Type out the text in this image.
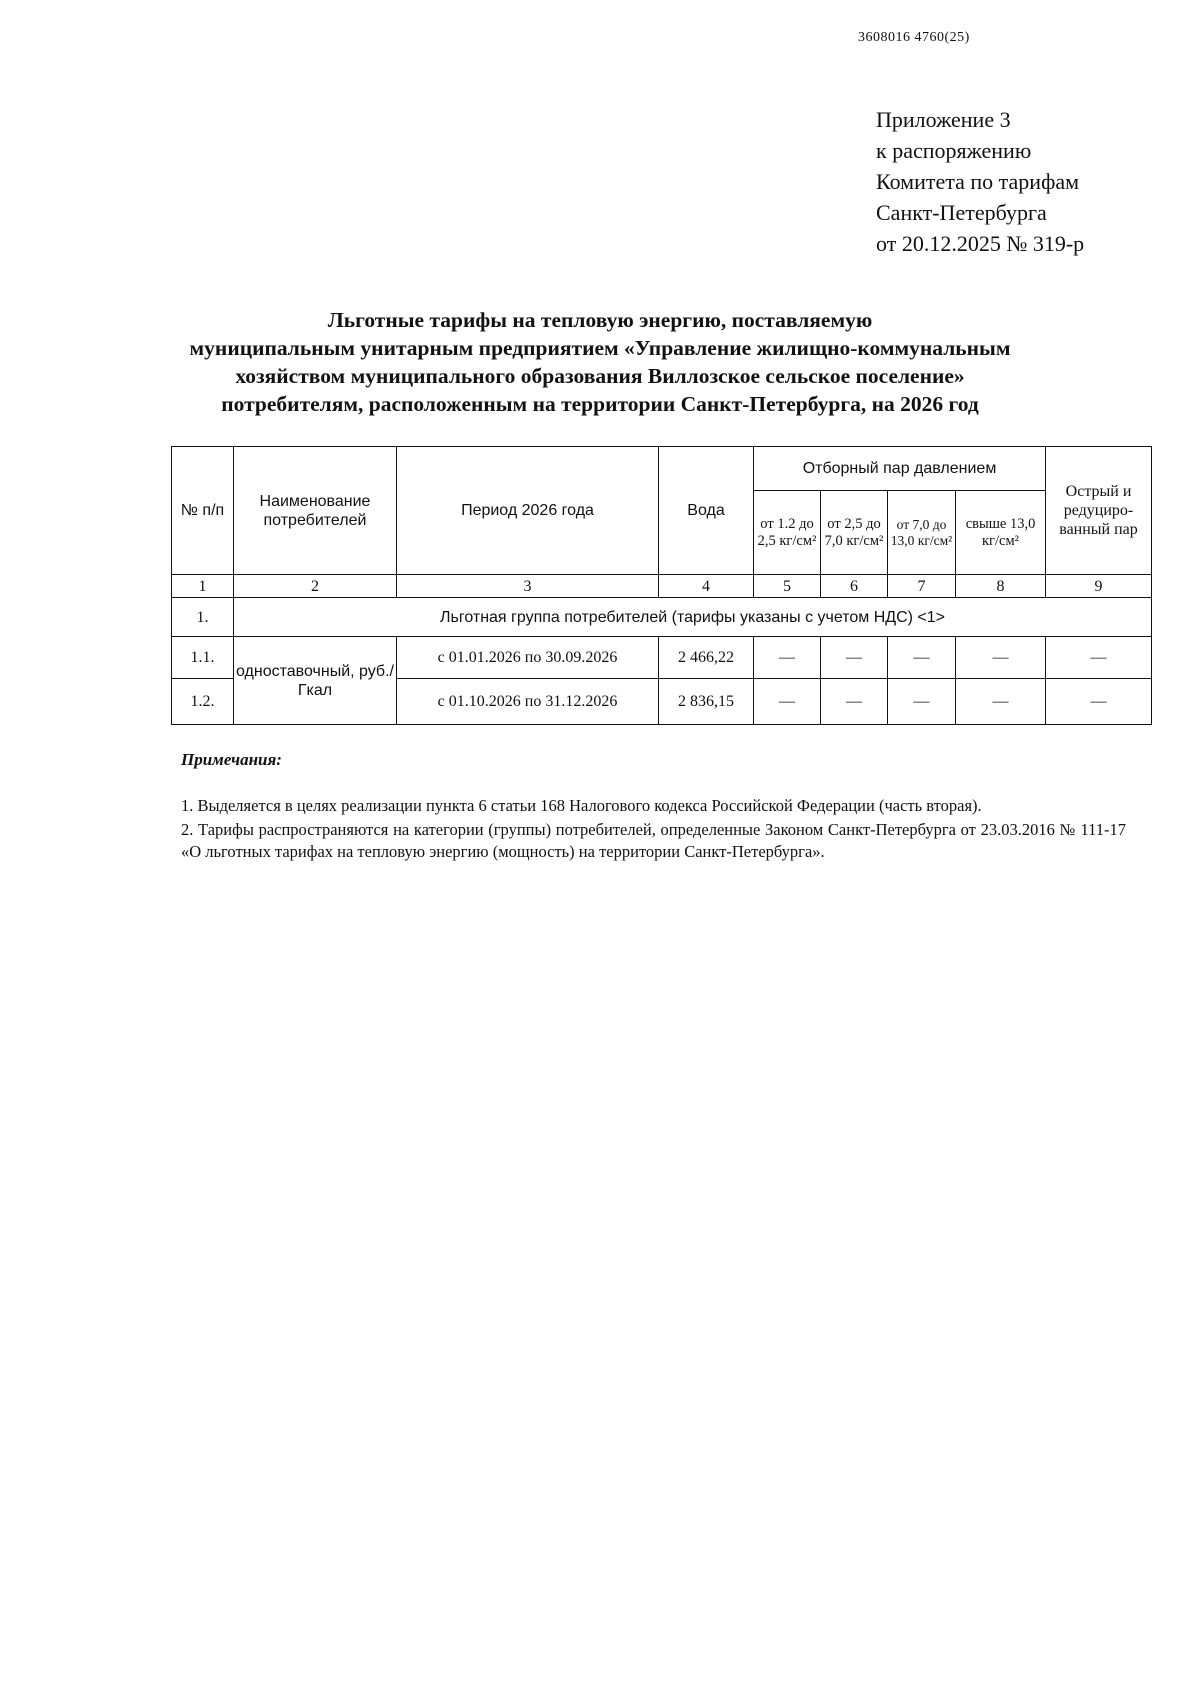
3608016 4760(25)
Приложение 3
к распоряжению
Комитета по тарифам
Санкт-Петербурга
от 20.12.2025 № 319-р
Льготные тарифы на тепловую энергию, поставляемую
муниципальным унитарным предприятием «Управление жилищно-коммунальным
хозяйством муниципального образования Виллозское сельское поселение»
потребителям, расположенным на территории Санкт-Петербурга, на 2026 год
№ п/п	Наименование потребителей	Период 2026 года	Вода	Отборный пар давлением				Острый и редуциро-ванный пар
				от 1.2 до 2,5 кг/см²	от 2,5 до 7,0 кг/см²	от 7,0 до 13,0 кг/см²	свыше 13,0 кг/см²	
1	2	3	4	5	6	7	8	9
1.	Льготная группа потребителей (тарифы указаны с учетом НДС) <1>							
1.1.	одноставочный, руб./Гкал	с 01.01.2026 по 30.09.2026	2 466,22	—	—	—	—	—
1.2.		с 01.10.2026 по 31.12.2026	2 836,15	—	—	—	—	—
Примечания:

1. Выделяется в целях реализации пункта 6 статьи 168 Налогового кодекса Российской Федерации (часть вторая).

2. Тарифы распространяются на категории (группы) потребителей, определенные Законом Санкт-Петербурга от 23.03.2016 № 111-17 «О льготных тарифах на тепловую энергию (мощность) на территории Санкт-Петербурга».
